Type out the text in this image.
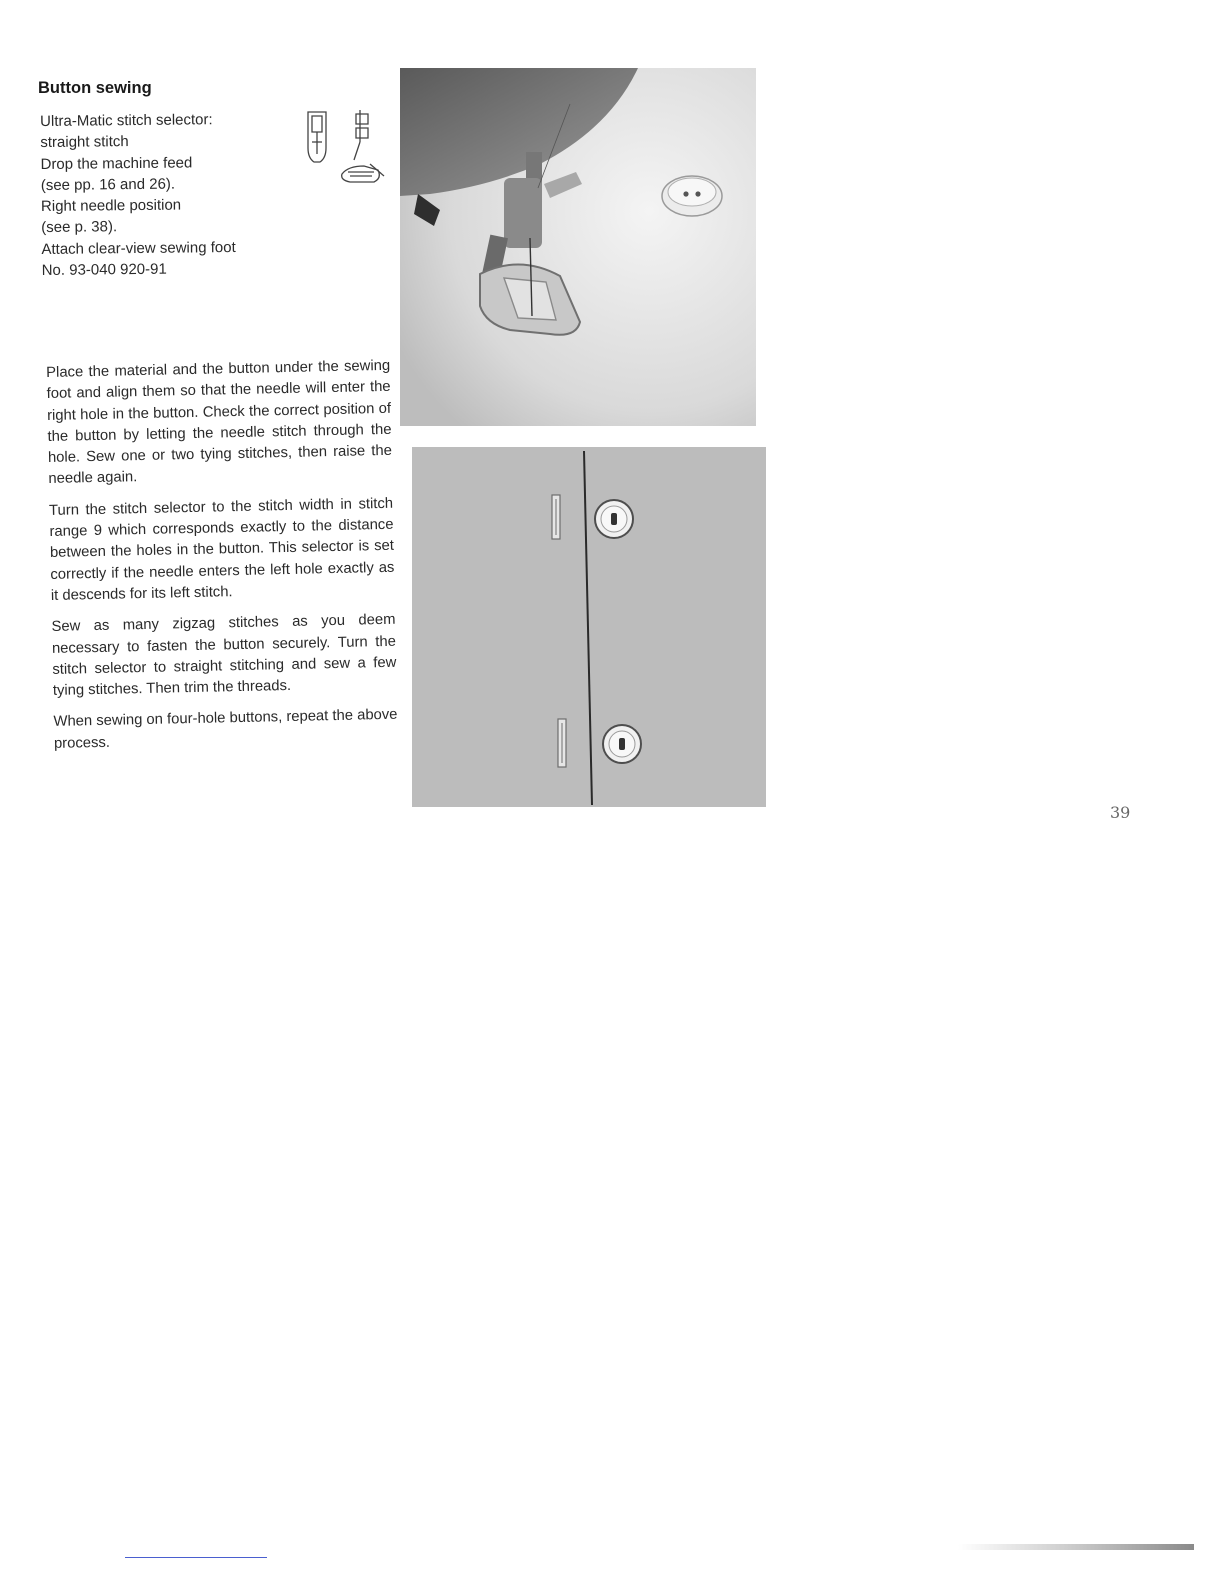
Button sewing
Ultra-Matic stitch selector:
straight stitch
Drop the machine feed
(see pp. 16 and 26).
Right needle position
(see p. 38).
Attach clear-view sewing foot
No. 93-040 920-91

Place the material and the button under the sewing foot and align them so that the needle will enter the right hole in the button. Check the correct position of the button by letting the needle stitch through the hole. Sew one or two tying stitches, then raise the needle again.

Turn the stitch selector to the stitch width in stitch range 9 which corresponds exactly to the distance between the holes in the button. This selector is set correctly if the needle enters the left hole exactly as it descends for its left stitch.

Sew as many zigzag stitches as you deem necessary to fasten the button securely. Turn the stitch selector to straight stitching and sew a few tying stitches. Then trim the threads.

When sewing on four-hole buttons, repeat the above process.

39
